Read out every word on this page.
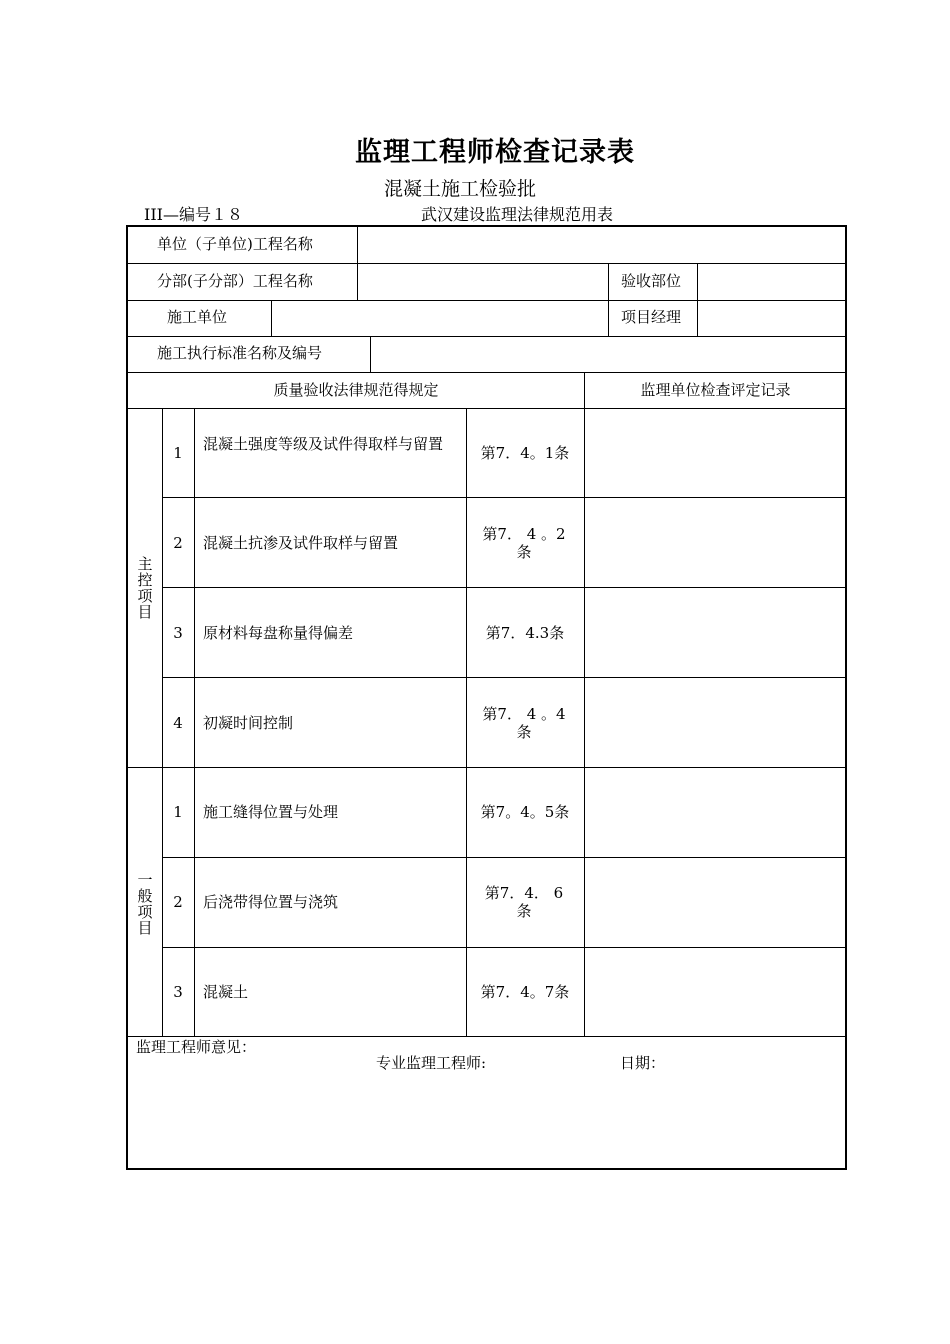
监理工程师检查记录表
混凝土施工检验批
III—编号１８	武汉建设监理法律规范用表
单位（子单位)工程名称
分部(子分部）工程名称	验收部位
施工单位	项目经理
施工执行标准名称及编号
质量验收法律规范得规定	监理单位检查评定记录
主控项目
1	混凝土强度等级及试件得取样与留置	第7．4。1条
2	混凝土抗渗及试件取样与留置	第7． 4 。2条
3	原材料每盘称量得偏差	第7．4.3条
4	初凝时间控制	第7． 4 。4条
一般项目
1	施工缝得位置与处理	第7。4。5条
2	后浇带得位置与浇筑	第7．4． 6条
3	混凝土	第7．4。7条
监理工程师意见：
专业监理工程师:	日期：
